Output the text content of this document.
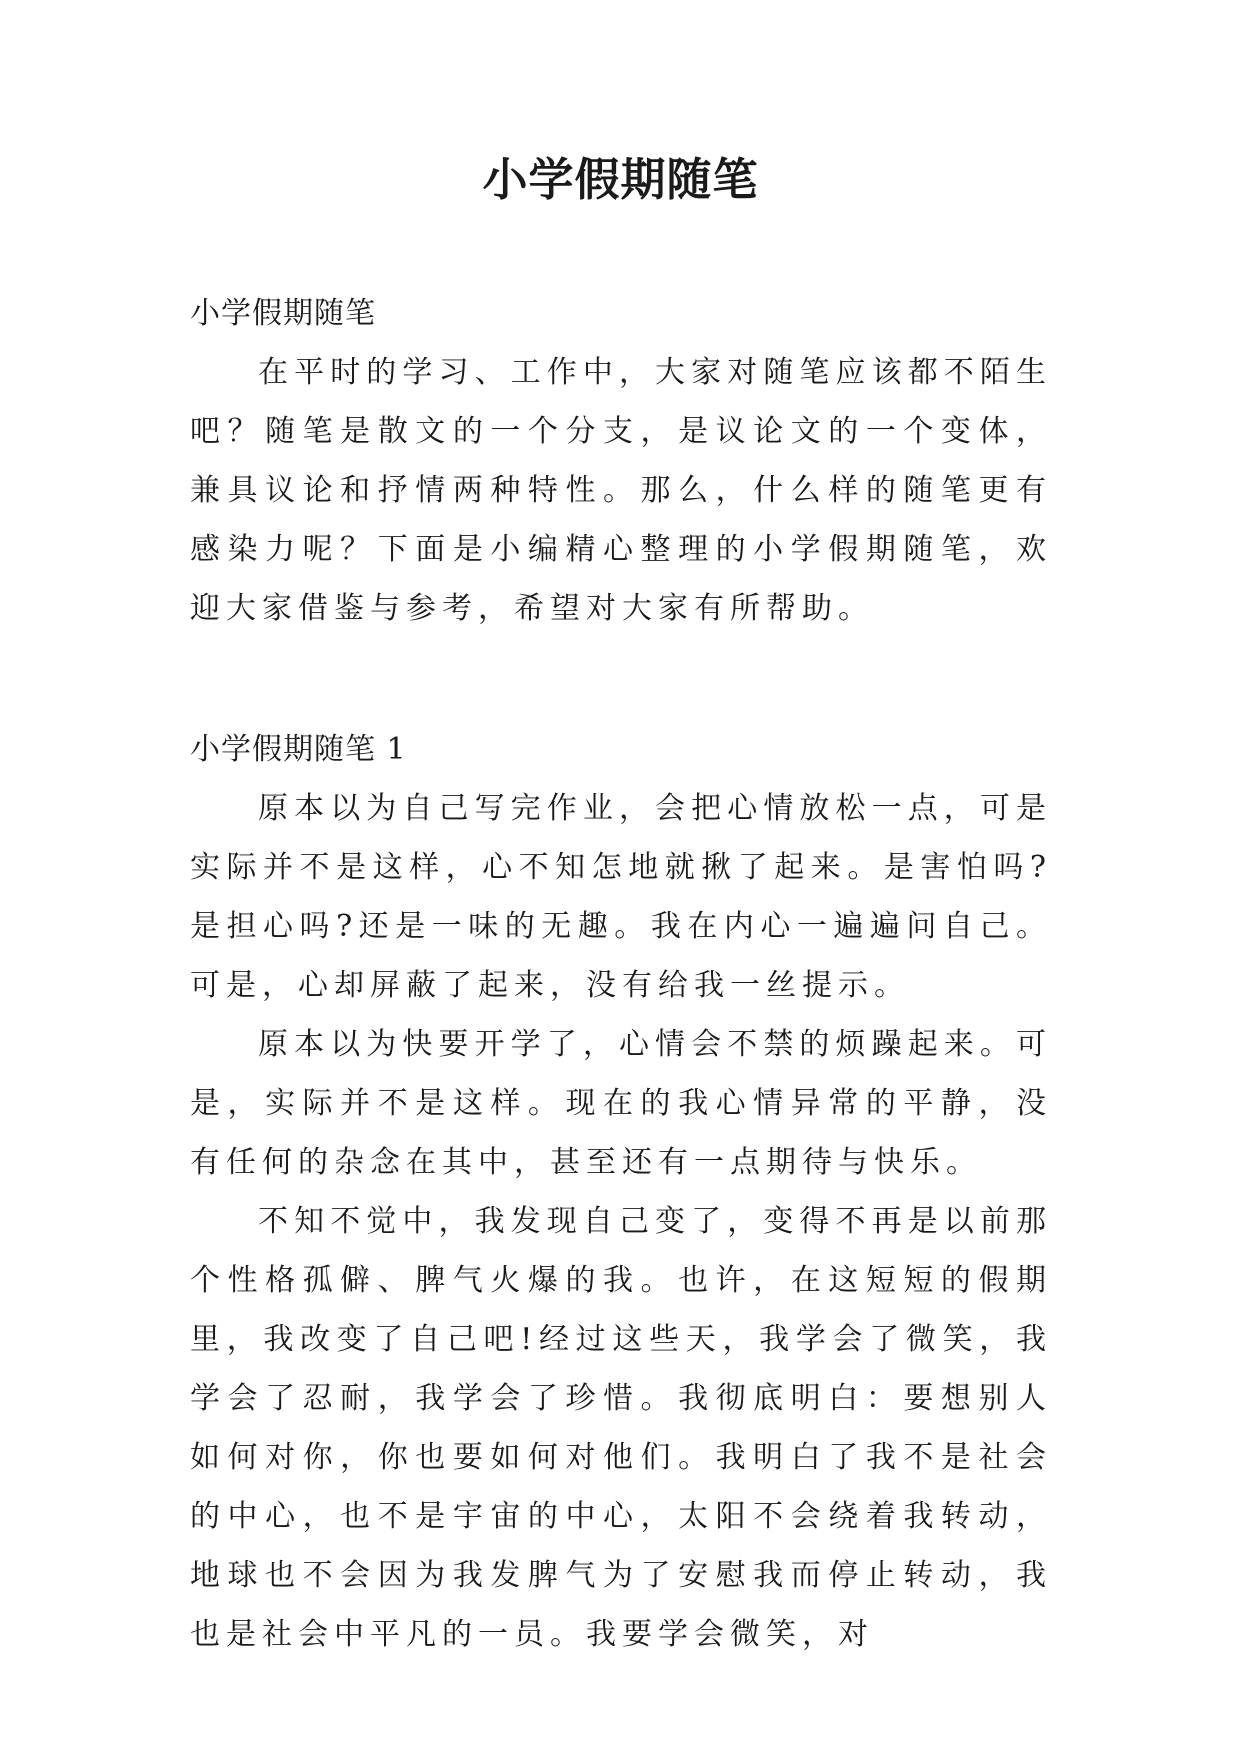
小学假期随笔

小学假期随笔

在平时的学习、工作中，大家对随笔应该都不陌生吧？随笔是散文的一个分支，是议论文的一个变体，兼具议论和抒情两种特性。那么，什么样的随笔更有感染力呢？下面是小编精心整理的小学假期随笔，欢迎大家借鉴与参考，希望对大家有所帮助。

小学假期随笔 1

原本以为自己写完作业，会把心情放松一点，可是实际并不是这样，心不知怎地就揪了起来。是害怕吗?是担心吗?还是一味的无趣。我在内心一遍遍问自己。可是，心却屏蔽了起来，没有给我一丝提示。

原本以为快要开学了，心情会不禁的烦躁起来。可是，实际并不是这样。现在的我心情异常的平静，没有任何的杂念在其中，甚至还有一点期待与快乐。

不知不觉中，我发现自己变了，变得不再是以前那个性格孤僻、脾气火爆的我。也许，在这短短的假期里，我改变了自己吧!经过这些天，我学会了微笑，我学会了忍耐，我学会了珍惜。我彻底明白：要想别人如何对你，你也要如何对他们。我明白了我不是社会的中心，也不是宇宙的中心，太阳不会绕着我转动，地球也不会因为我发脾气为了安慰我而停止转动，我也是社会中平凡的一员。我要学会微笑，对
